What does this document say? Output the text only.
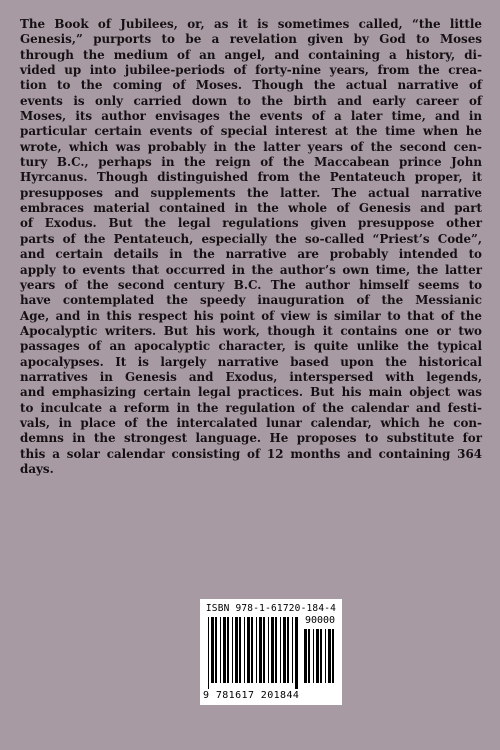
The Book of Jubilees, or, as it is sometimes called, “the little
Genesis,” purports to be a revelation given by God to Moses
through the medium of an angel, and containing a history, di-
vided up into jubilee-periods of forty-nine years, from the crea-
tion to the coming of Moses. Though the actual narrative of
events is only carried down to the birth and early career of
Moses, its author envisages the events of a later time, and in
particular certain events of special interest at the time when he
wrote, which was probably in the latter years of the second cen-
tury B.C., perhaps in the reign of the Maccabean prince John
Hyrcanus. Though distinguished from the Pentateuch proper, it
presupposes and supplements the latter. The actual narrative
embraces material contained in the whole of Genesis and part
of Exodus. But the legal regulations given presuppose other
parts of the Pentateuch, especially the so-called “Priest’s Code”,
and certain details in the narrative are probably intended to
apply to events that occurred in the author’s own time, the latter
years of the second century B.C. The author himself seems to
have contemplated the speedy inauguration of the Messianic
Age, and in this respect his point of view is similar to that of the
Apocalyptic writers. But his work, though it contains one or two
passages of an apocalyptic character, is quite unlike the typical
apocalypses. It is largely narrative based upon the historical
narratives in Genesis and Exodus, interspersed with legends,
and emphasizing certain legal practices. But his main object was
to inculcate a reform in the regulation of the calendar and festi-
vals, in place of the intercalated lunar calendar, which he con-
demns in the strongest language. He proposes to substitute for
this a solar calendar consisting of 12 months and containing 364
days.
ISBN 978-1-61720-184-4
90000
9 781617 201844
